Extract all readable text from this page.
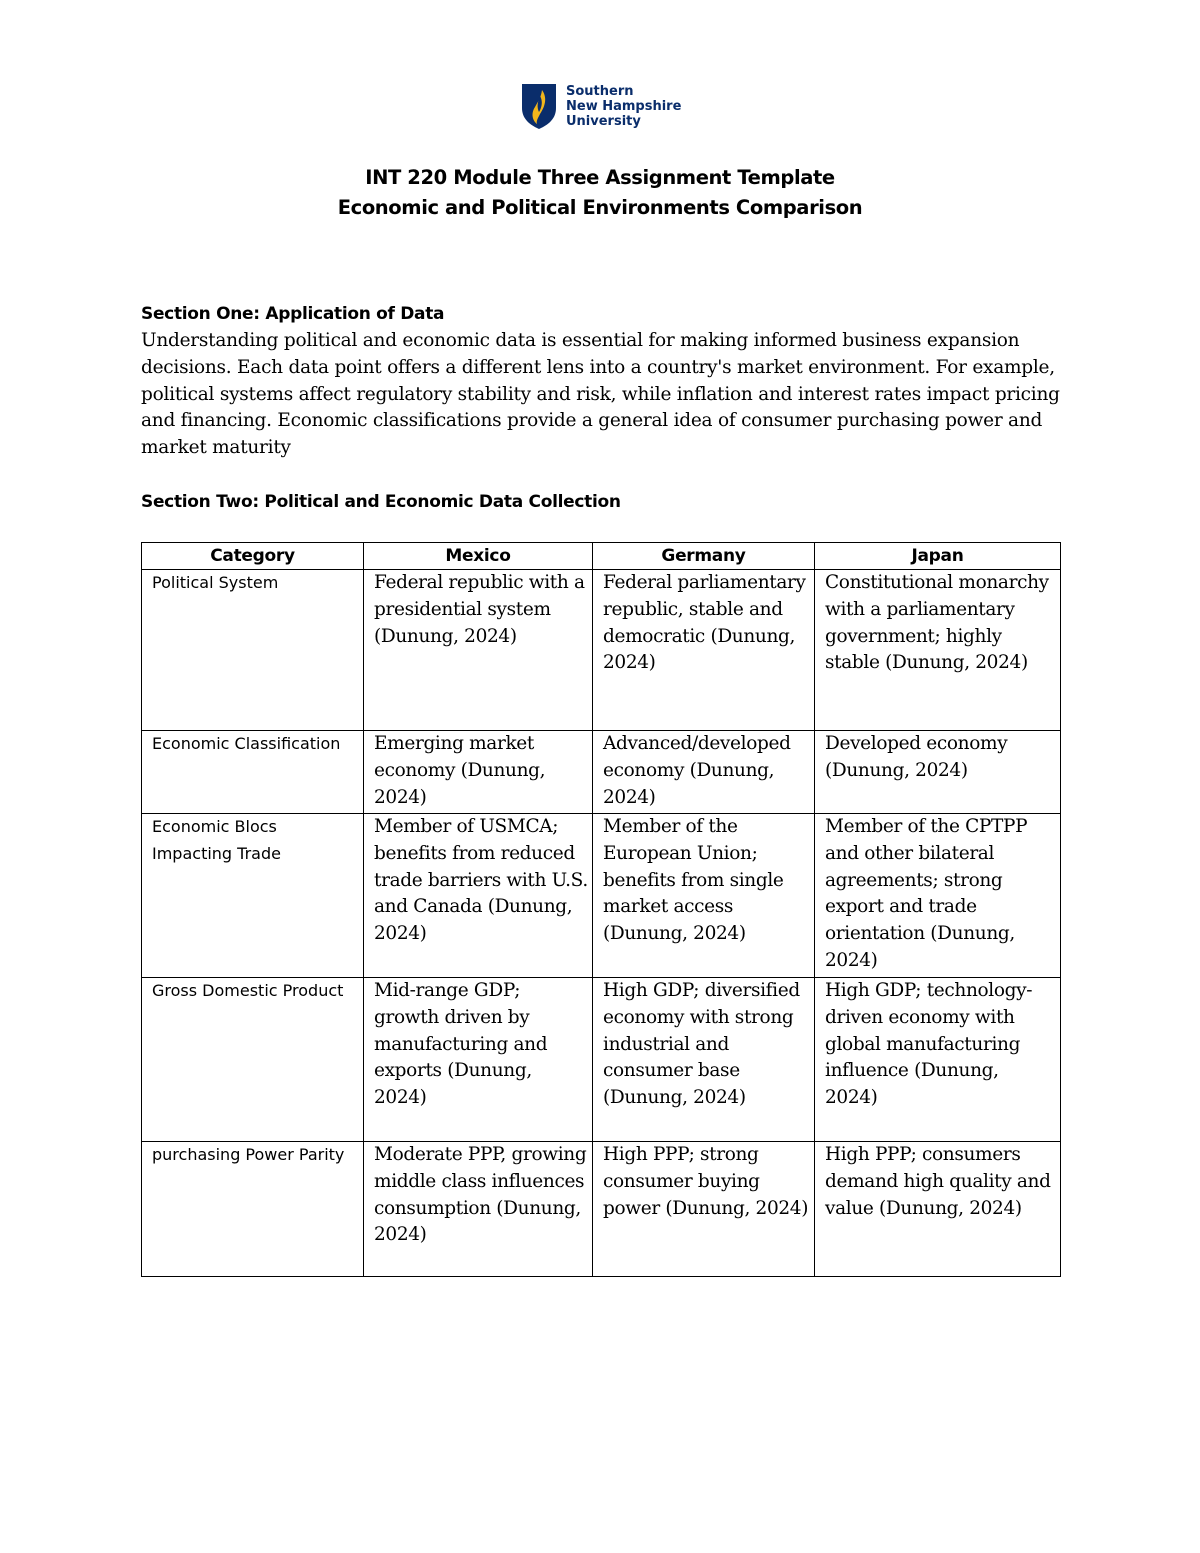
Southern
New Hampshire
University
INT 220 Module Three Assignment Template
Economic and Political Environments Comparison
Section One: Application of Data
Understanding political and economic data is essential for making informed business expansion decisions. Each data point offers a different lens into a country's market environment. For example, political systems affect regulatory stability and risk, while inflation and interest rates impact pricing and financing. Economic classifications provide a general idea of consumer purchasing power and market maturity
Section Two: Political and Economic Data Collection
Category	Mexico	Germany	Japan
Political System	Federal republic with a presidential system (Dunung, 2024)	Federal parliamentary republic, stable and democratic (Dunung, 2024)	Constitutional monarchy with a parliamentary government; highly stable (Dunung, 2024)
Economic Classification	Emerging market economy (Dunung, 2024)	Advanced/developed economy (Dunung, 2024)	Developed economy (Dunung, 2024)
Economic Blocs Impacting Trade	Member of USMCA; benefits from reduced trade barriers with U.S. and Canada (Dunung, 2024)	Member of the European Union; benefits from single market access (Dunung, 2024)	Member of the CPTPP and other bilateral agreements; strong export and trade orientation (Dunung, 2024)
Gross Domestic Product	Mid-range GDP; growth driven by manufacturing and exports (Dunung, 2024)	High GDP; diversified economy with strong industrial and consumer base (Dunung, 2024)	High GDP; technology-driven economy with global manufacturing influence (Dunung, 2024)
purchasing Power Parity	Moderate PPP, growing middle class influences consumption (Dunung, 2024)	High PPP; strong consumer buying power (Dunung, 2024)	High PPP; consumers demand high quality and value (Dunung, 2024)
